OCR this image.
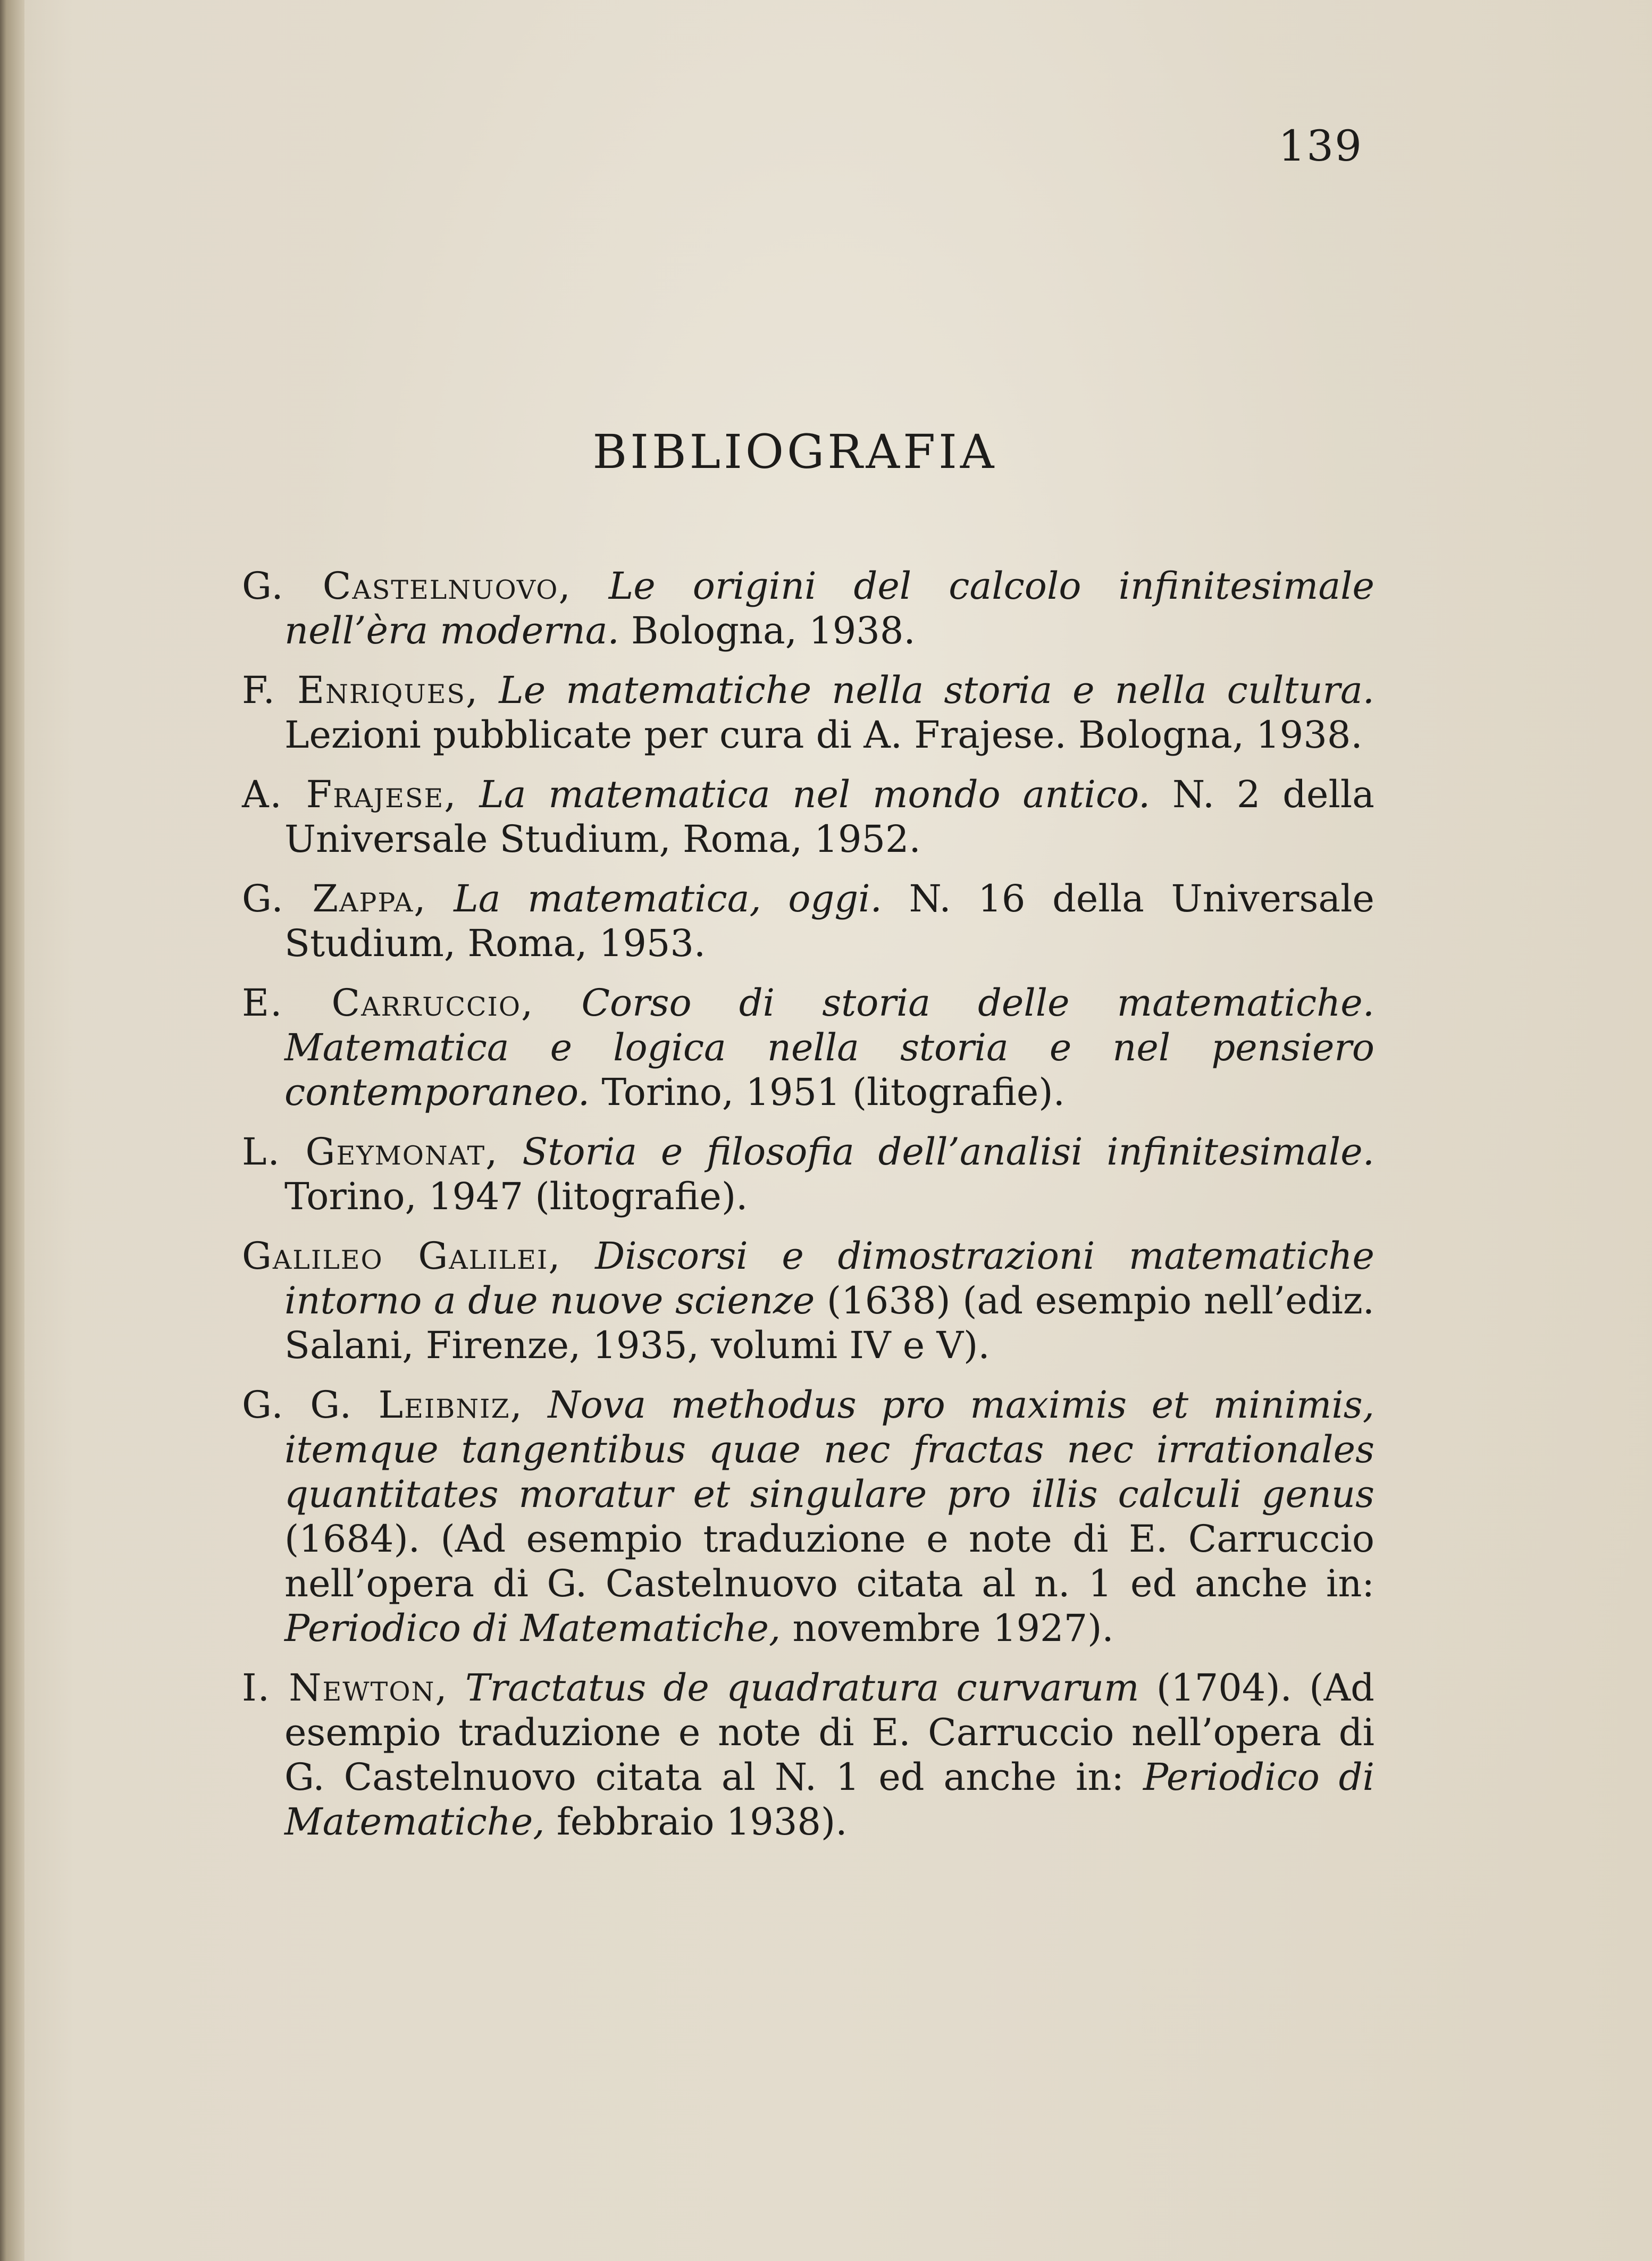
139
BIBLIOGRAFIA

G. Castelnuovo, Le origini del calcolo infinitesimale nell’èra moderna. Bologna, 1938.

F. Enriques, Le matematiche nella storia e nella cultura. Lezioni pubblicate per cura di A. Frajese. Bologna, 1938.

A. Frajese, La matematica nel mondo antico. N. 2 della Universale Studium, Roma, 1952.

G. Zappa, La matematica, oggi. N. 16 della Universale Studium, Roma, 1953.

E. Carruccio, Corso di storia delle matematiche. Matematica e logica nella storia e nel pensiero contemporaneo. Torino, 1951 (litografie).

L. Geymonat, Storia e filosofia dell’analisi infinitesimale. Torino, 1947 (litografie).

Galileo Galilei, Discorsi e dimostrazioni matematiche intorno a due nuove scienze (1638) (ad esempio nell’ediz. Salani, Firenze, 1935, volumi IV e V).

G. G. Leibniz, Nova methodus pro maximis et minimis, itemque tangentibus quae nec fractas nec irrationales quantitates moratur et singulare pro illis calculi genus (1684). (Ad esempio traduzione e note di E. Carruccio nell’opera di G. Castelnuovo citata al n. 1 ed anche in: Periodico di Matematiche, novembre 1927).

I. Newton, Tractatus de quadratura curvarum (1704). (Ad esempio traduzione e note di E. Carruccio nell’opera di G. Castelnuovo citata al N. 1 ed anche in: Periodico di Matematiche, febbraio 1938).
